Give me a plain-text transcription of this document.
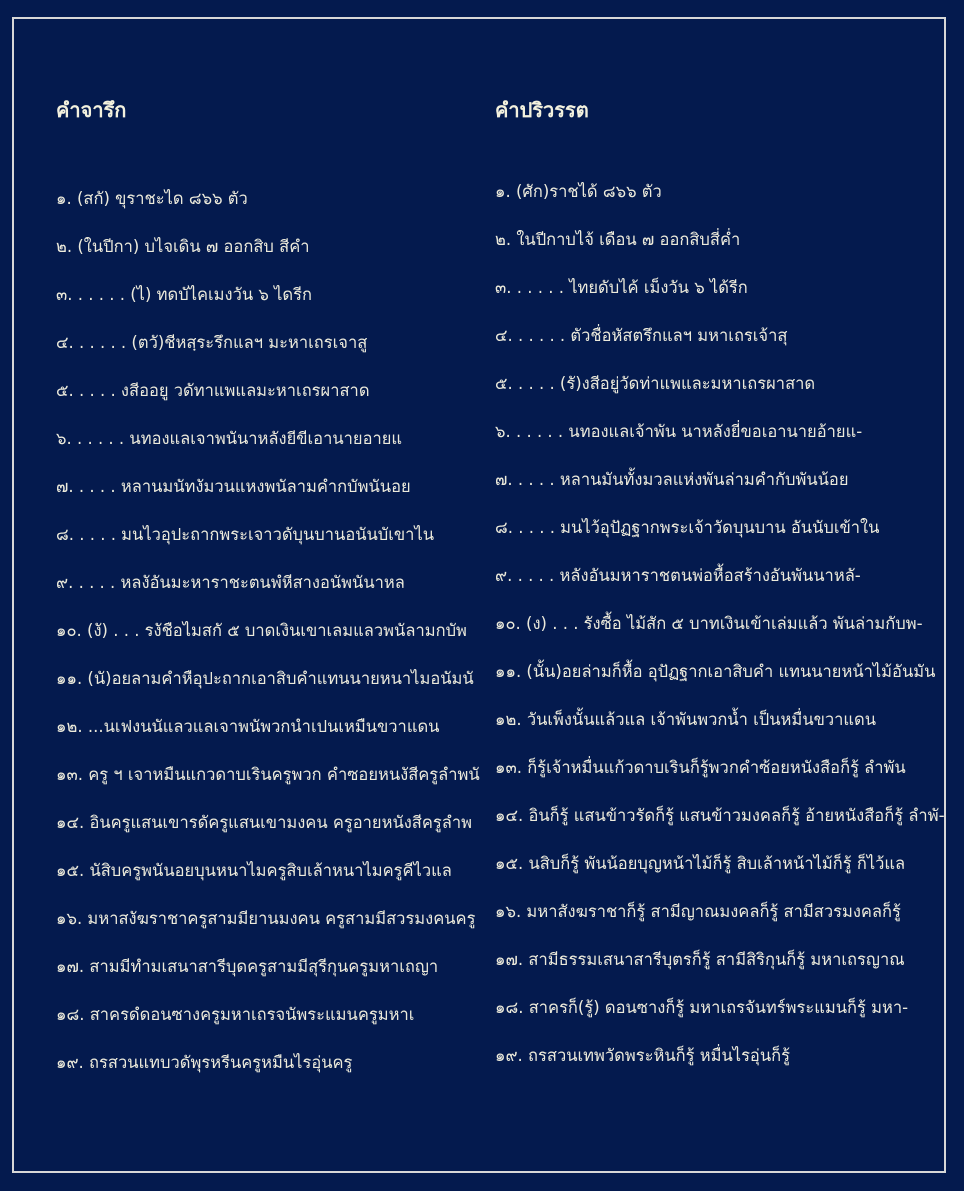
คำจารึก
๑. (สกั) ขุราชะได ๘๖๖ ตัว
๒. (ในปีกา) บไจเดิน ๗ ออกสิบ สีคำ
๓. . . . . . (ไ) ทดบัไคเมงวัน ๖ ไดรีก
๔. . . . . . (ตวั)ชีหสฺระรึกแลฯ มะหาเถรเจาสู
๕. . . . . งสีออยู วดัทาแพแลมะหาเถรผาสาด
๖. . . . . . นทองแลเจาพนันาหลังยีขีเอานายอายแ
๗. . . . . หลานมนัทงัมวนแหงพนัลามคำกบัพนันอย
๘. . . . . มนไวอุปะถากพระเจาวดับุนบานอนันบัเขาไน
๙. . . . . หลงัอันมะหาราชะตนพํหีสางอนัพนันาหล
๑๐. (งั) . . . รงัชือไมสกั ๕ บาดเงินเขาเลมแลวพนัลามกบัพ
๑๑. (นั)อยลามคําหือุปะถากเอาสิบคําแทนนายหนาไมอนัมนั
๑๒. ...นเฟงนนัแลวแลเจาพนัพวกนําเปนเหมืนขวาแดน
๑๓. ครู ฯ เจาหมืนแกวดาบเรินครูพวก คําซอยหนงัสีครูลําพนั
๑๔. อินครูแสนเขารดัครูแสนเขามงคน ครูอายหนังสีครูลําพ
๑๕. นัสิบครูพนันอยบุนหนาไมครูสิบเล้าหนาไมครูคีไวแล
๑๖. มหาสงัฆราชาครูสามมียานมงคน ครูสามมีสวรมงคนครู
๑๗. สามมีทํามเสนาสารีบุดครูสามมีสุรีกุนครูมหาเถญา
๑๘. สาครดํดอนซางครูมหาเถรจนัพระแมนครูมหาเ
๑๙. ถรสวนแทบวดัพุรหรีนครูหมืนไรอุ่นครู
คำปริวรรต
๑. (ศัก)ราชได้ ๘๖๖ ตัว
๒. ในปีกาบไจ้ เดือน ๗ ออกสิบสี่ค่ำ
๓. . . . . . ไทยดับไค้ เม็งวัน ๖ ได้รีก
๔. . . . . . ตัวชื่อหัสตรึกแลฯ มหาเถรเจ้าสุ
๕. . . . . (รั)งสีอยู่วัดท่าแพและมหาเถรผาสาด
๖. . . . . . นทองแลเจ้าพัน นาหลังยี่ขอเอานายอ้ายแ-
๗. . . . . หลานมันทั้งมวลแห่งพันล่ามคำกับพันน้อย
๘. . . . . มนไว้อุปัฏฐากพระเจ้าวัดบุนบาน อันนับเข้าใน
๙. . . . . หลังอันมหาราชตนพ่อหื้อสร้างอันพันนาหลั-
๑๐. (ง) . . . รังซื้อ ไม้สัก ๕ บาทเงินเข้าเล่มแล้ว พันล่ามกับพ-
๑๑. (นั้น)อยล่ามก็หื้อ อุปัฏฐากเอาสิบคำ แทนนายหน้าไม้อันมัน
๑๒. วันเพ็งนั้นแล้วแล เจ้าพันพวกน้ำ เป็นหมื่นขวาแดน
๑๓. ก็รู้เจ้าหมื่นแก้วดาบเรินก็รู้พวกคำซ้อยหนังสือก็รู้ ลำพัน
๑๔. อินก็รู้ แสนข้าวรัดก็รู้ แสนข้าวมงคลก็รู้ อ้ายหนังสือก็รู้ ลำพั-
๑๕. นสิบก็รู้ พันน้อยบุญหน้าไม้ก็รู้ สิบเล้าหน้าไม้ก็รู้ ก็ไว้แล
๑๖. มหาสังฆราชาก็รู้ สามีญาณมงคลก็รู้ สามีสวรมงคลก็รู้
๑๗. สามีธรรมเสนาสารีบุตรก็รู้ สามีสิริกุนก็รู้ มหาเถรญาณ
๑๘. สาครก็(รู้) ดอนซางก็รู้ มหาเถรจันทร์พระแมนก็รู้ มหา-
๑๙. ถรสวนเทพวัดพระหินก็รู้ หมื่นไรอุ่นก็รู้
